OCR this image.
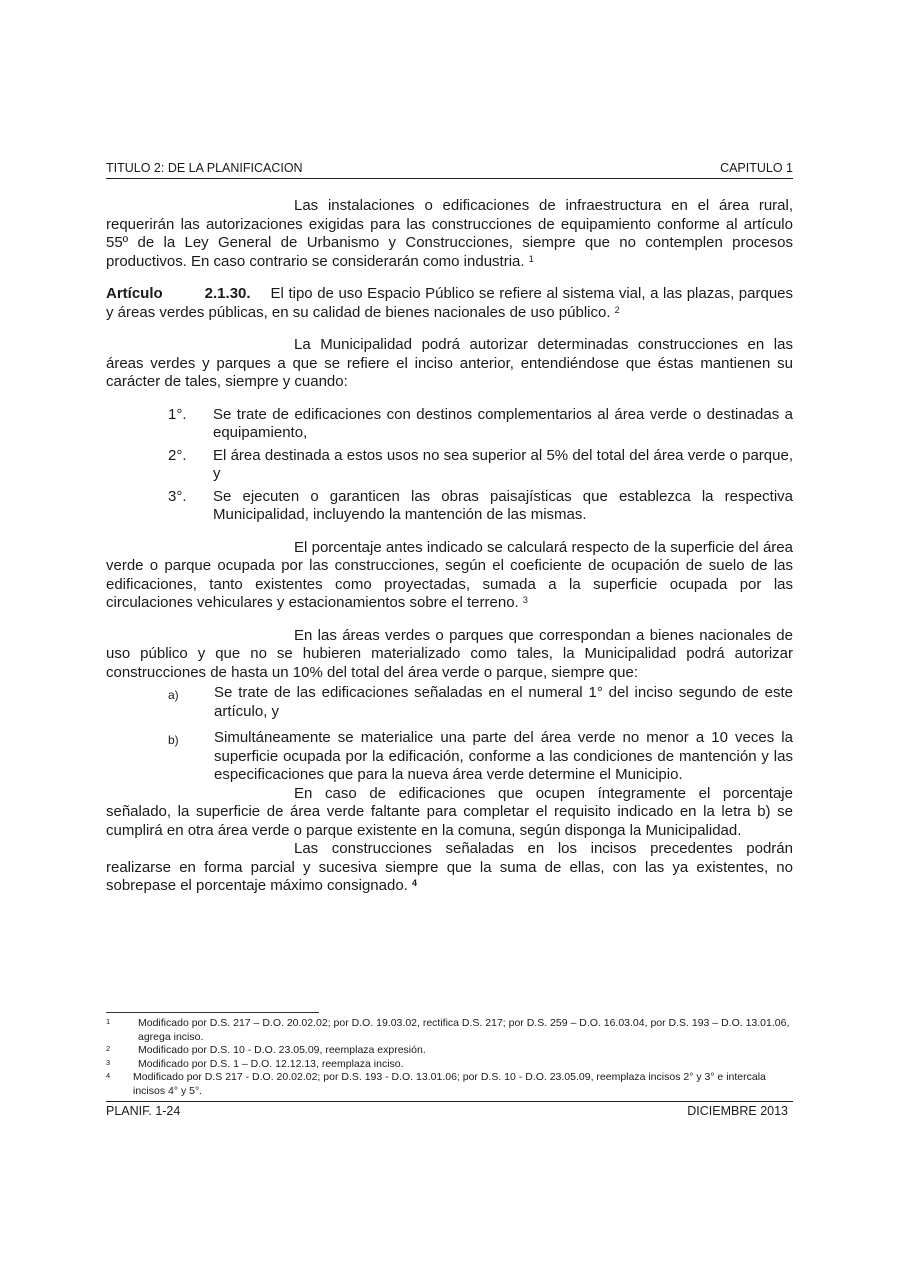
TITULO 2: DE LA PLANIFICACION	CAPITULO 1

Las instalaciones o edificaciones de infraestructura en el área rural, requerirán las autorizaciones exigidas para las construcciones de equipamiento conforme al artículo 55º de la Ley General de Urbanismo y Construcciones, siempre que no contemplen procesos productivos. En caso contrario se considerarán como industria. $^1$

Artículo	2.1.30. El tipo de uso Espacio Público se refiere al sistema vial, a las plazas, parques y áreas verdes públicas, en su calidad de bienes nacionales de uso público. $^2$

La Municipalidad podrá autorizar determinadas construcciones en las áreas verdes y parques a que se refiere el inciso anterior, entendiéndose que éstas mantienen su carácter de tales, siempre y cuando:

1°. Se trate de edificaciones con destinos complementarios al área verde o destinadas a equipamiento,
2°. El área destinada a estos usos no sea superior al 5% del total del área verde o parque, y
3°. Se ejecuten o garanticen las obras paisajísticas que establezca la respectiva Municipalidad, incluyendo la mantención de las mismas.

El porcentaje antes indicado se calculará respecto de la superficie del área verde o parque ocupada por las construcciones, según el coeficiente de ocupación de suelo de las edificaciones, tanto existentes como proyectadas, sumada a la superficie ocupada por las circulaciones vehiculares y estacionamientos sobre el terreno. $^3$

En las áreas verdes o parques que correspondan a bienes nacionales de uso público y que no se hubieren materializado como tales, la Municipalidad podrá autorizar construcciones de hasta un 10% del total del área verde o parque, siempre que:

a) Se trate de las edificaciones señaladas en el numeral 1° del inciso segundo de este artículo, y
b) Simultáneamente se materialice una parte del área verde no menor a 10 veces la superficie ocupada por la edificación, conforme a las condiciones de mantención y las especificaciones que para la nueva área verde determine el Municipio.

En caso de edificaciones que ocupen íntegramente el porcentaje señalado, la superficie de área verde faltante para completar el requisito indicado en la letra b) se cumplirá en otra área verde o parque existente en la comuna, según disponga la Municipalidad.

Las construcciones señaladas en los incisos precedentes podrán realizarse en forma parcial y sucesiva siempre que la suma de ellas, con las ya existentes, no sobrepase el porcentaje máximo consignado. $^4$

1	Modificado por D.S. 217 – D.O. 20.02.02; por D.O. 19.03.02, rectifica D.S. 217; por D.S. 259 – D.O. 16.03.04, por D.S. 193 – D.O. 13.01.06, agrega inciso.
2	Modificado por D.S. 10 - D.O. 23.05.09, reemplaza expresión.
3	Modificado por D.S. 1 – D.O. 12.12.13, reemplaza inciso.
4 Modificado por D.S 217 - D.O. 20.02.02; por D.S. 193 - D.O. 13.01.06; por D.S. 10 - D.O. 23.05.09, reemplaza incisos 2° y 3° e intercala incisos 4° y 5°.
PLANIF. 1-24	DICIEMBRE 2013
